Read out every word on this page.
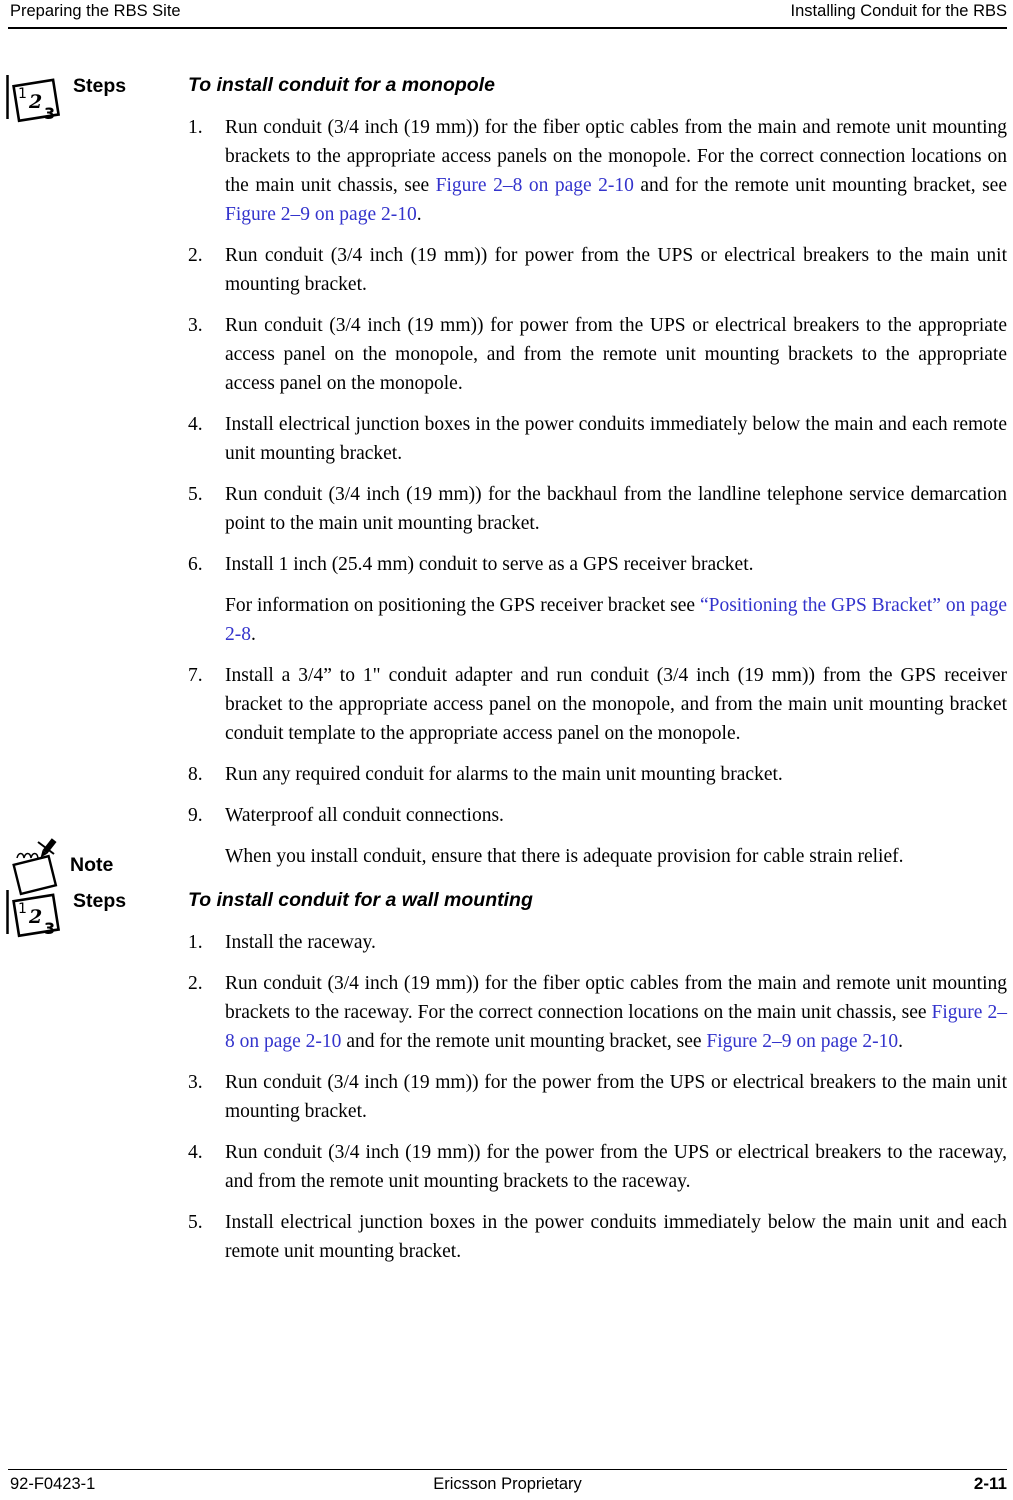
Preparing the RBS Site	Installing Conduit for the RBS
1 2
3
Steps	To install conduit for a monopole
1.	Run conduit (3/4 inch (19 mm)) for the fiber optic cables from the main and remote unit mounting brackets to the appropriate access panels on the monopole. For the correct connection locations on the main unit chassis, see Figure 2–8 on page 2-10 and for the remote unit mounting bracket, see Figure 2–9 on page 2-10.
2.	Run conduit (3/4 inch (19 mm)) for power from the UPS or electrical breakers to the main unit mounting bracket.
3.	Run conduit (3/4 inch (19 mm)) for power from the UPS or electrical breakers to the appropriate access panel on the monopole, and from the remote unit mounting brackets to the appropriate access panel on the monopole.
4.	Install electrical junction boxes in the power conduits immediately below the main and each remote unit mounting bracket.
5.	Run conduit (3/4 inch (19 mm)) for the backhaul from the landline telephone service demarcation point to the main unit mounting bracket.
6.	Install 1 inch (25.4 mm) conduit to serve as a GPS receiver bracket.
For information on positioning the GPS receiver bracket see “Positioning the GPS Bracket” on page 2-8.
7.	Install a 3/4” to 1" conduit adapter and run conduit (3/4 inch (19 mm)) from the GPS receiver bracket to the appropriate access panel on the monopole, and from the main unit mounting bracket conduit template to the appropriate access panel on the monopole.
8.	Run any required conduit for alarms to the main unit mounting bracket.
9.	Waterproof all conduit connections.
Note	When you install conduit, ensure that there is adequate provision for cable strain relief.
1 2
3
Steps	To install conduit for a wall mounting
1.	Install the raceway.
2.	Run conduit (3/4 inch (19 mm)) for the fiber optic cables from the main and remote unit mounting brackets to the raceway. For the correct connection locations on the main unit chassis, see Figure 2–8 on page 2-10 and for the remote unit mounting bracket, see Figure 2–9 on page 2-10.
3.	Run conduit (3/4 inch (19 mm)) for the power from the UPS or electrical breakers to the main unit mounting bracket.
4.	Run conduit (3/4 inch (19 mm)) for the power from the UPS or electrical breakers to the raceway, and from the remote unit mounting brackets to the raceway.
5.	Install electrical junction boxes in the power conduits immediately below the main unit and each remote unit mounting bracket.
92-F0423-1	Ericsson Proprietary	2-11
